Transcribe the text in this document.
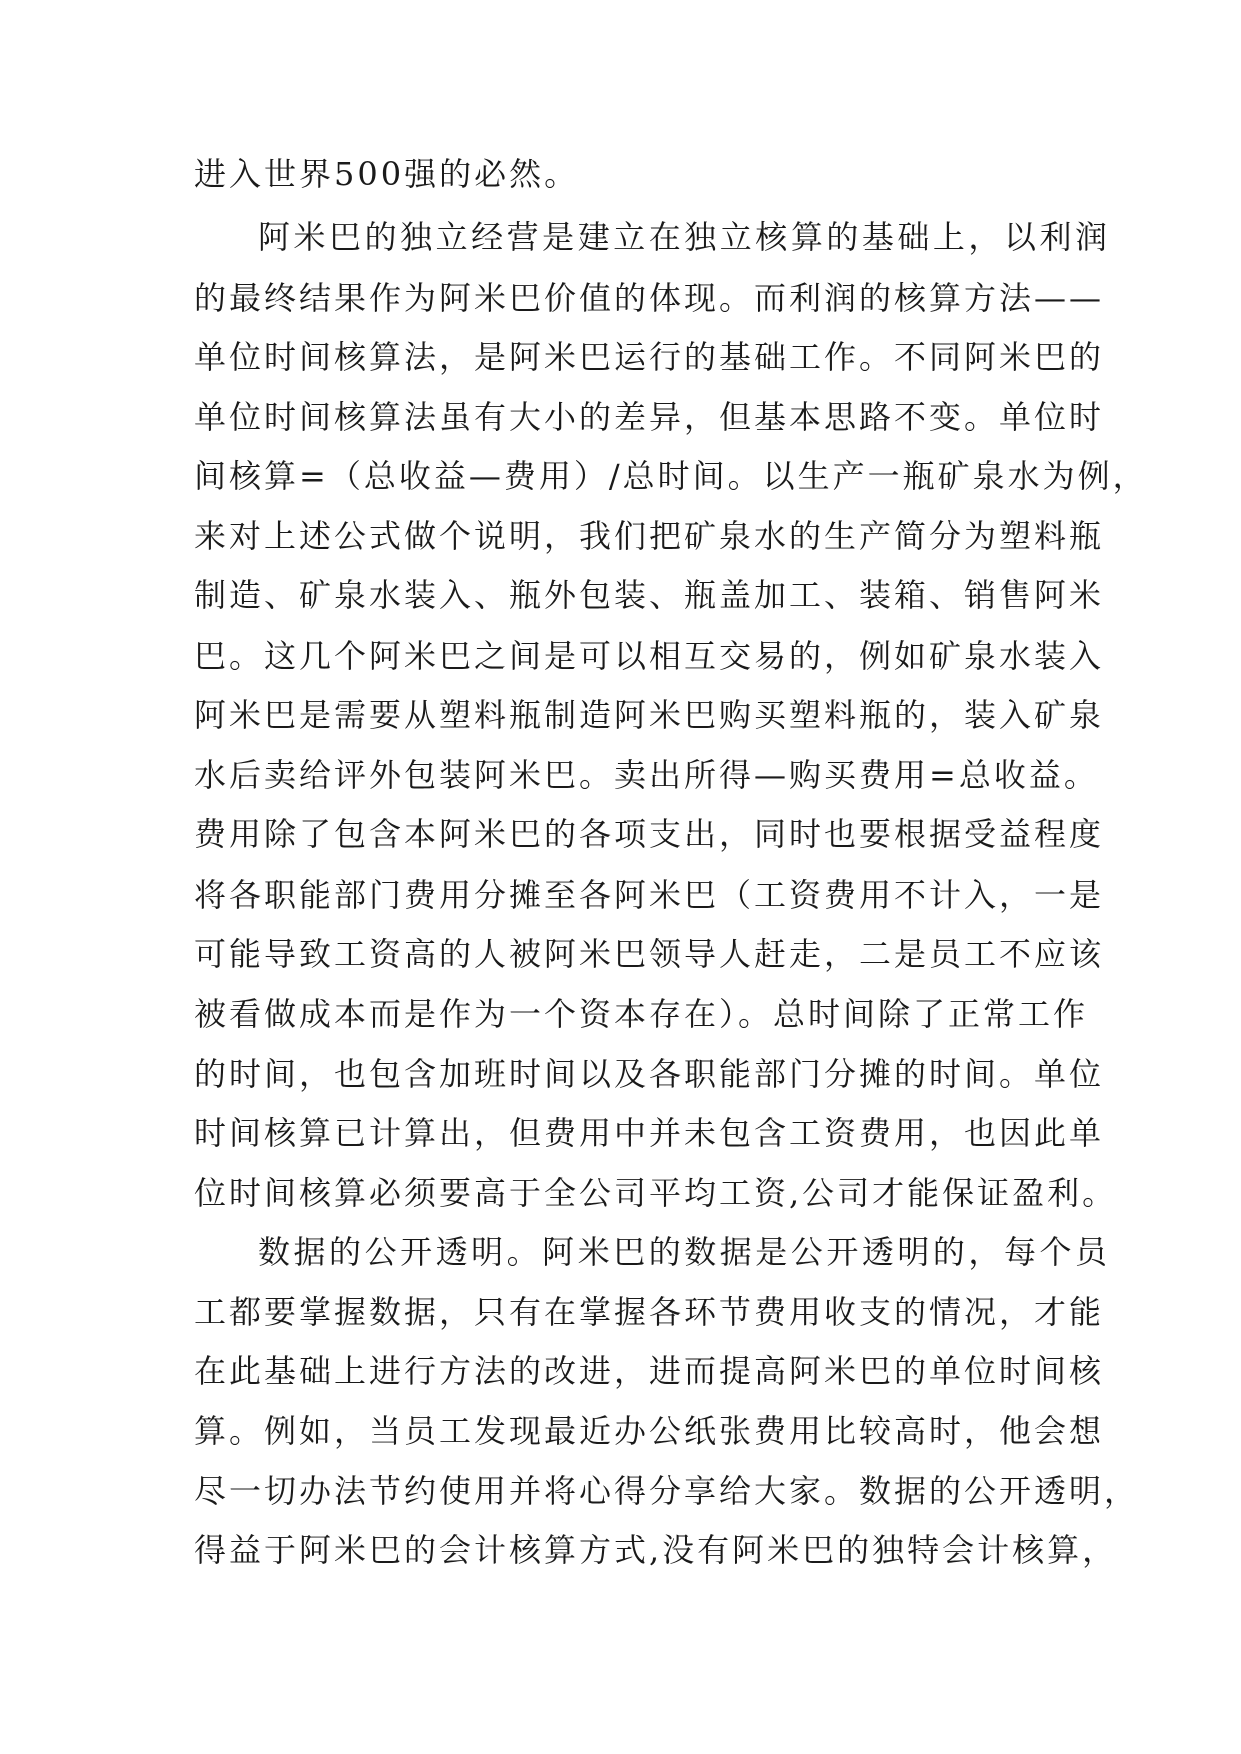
进入世界500强的必然。
阿米巴的独立经营是建立在独立核算的基础上，以利润
的最终结果作为阿米巴价值的体现。而利润的核算方法——
单位时间核算法，是阿米巴运行的基础工作。不同阿米巴的
单位时间核算法虽有大小的差异，但基本思路不变。单位时
间核算=（总收益—费用）/总时间。以生产一瓶矿泉水为例，
来对上述公式做个说明，我们把矿泉水的生产简分为塑料瓶
制造、矿泉水装入、瓶外包装、瓶盖加工、装箱、销售阿米
巴。这几个阿米巴之间是可以相互交易的，例如矿泉水装入
阿米巴是需要从塑料瓶制造阿米巴购买塑料瓶的，装入矿泉
水后卖给评外包装阿米巴。卖出所得—购买费用=总收益。
费用除了包含本阿米巴的各项支出，同时也要根据受益程度
将各职能部门费用分摊至各阿米巴（工资费用不计入，一是
可能导致工资高的人被阿米巴领导人赶走，二是员工不应该
被看做成本而是作为一个资本存在）。总时间除了正常工作
的时间，也包含加班时间以及各职能部门分摊的时间。单位
时间核算已计算出，但费用中并未包含工资费用，也因此单
位时间核算必须要高于全公司平均工资,公司才能保证盈利。
数据的公开透明。阿米巴的数据是公开透明的，每个员
工都要掌握数据，只有在掌握各环节费用收支的情况，才能
在此基础上进行方法的改进，进而提高阿米巴的单位时间核
算。例如，当员工发现最近办公纸张费用比较高时，他会想
尽一切办法节约使用并将心得分享给大家。数据的公开透明，
得益于阿米巴的会计核算方式,没有阿米巴的独特会计核算，
